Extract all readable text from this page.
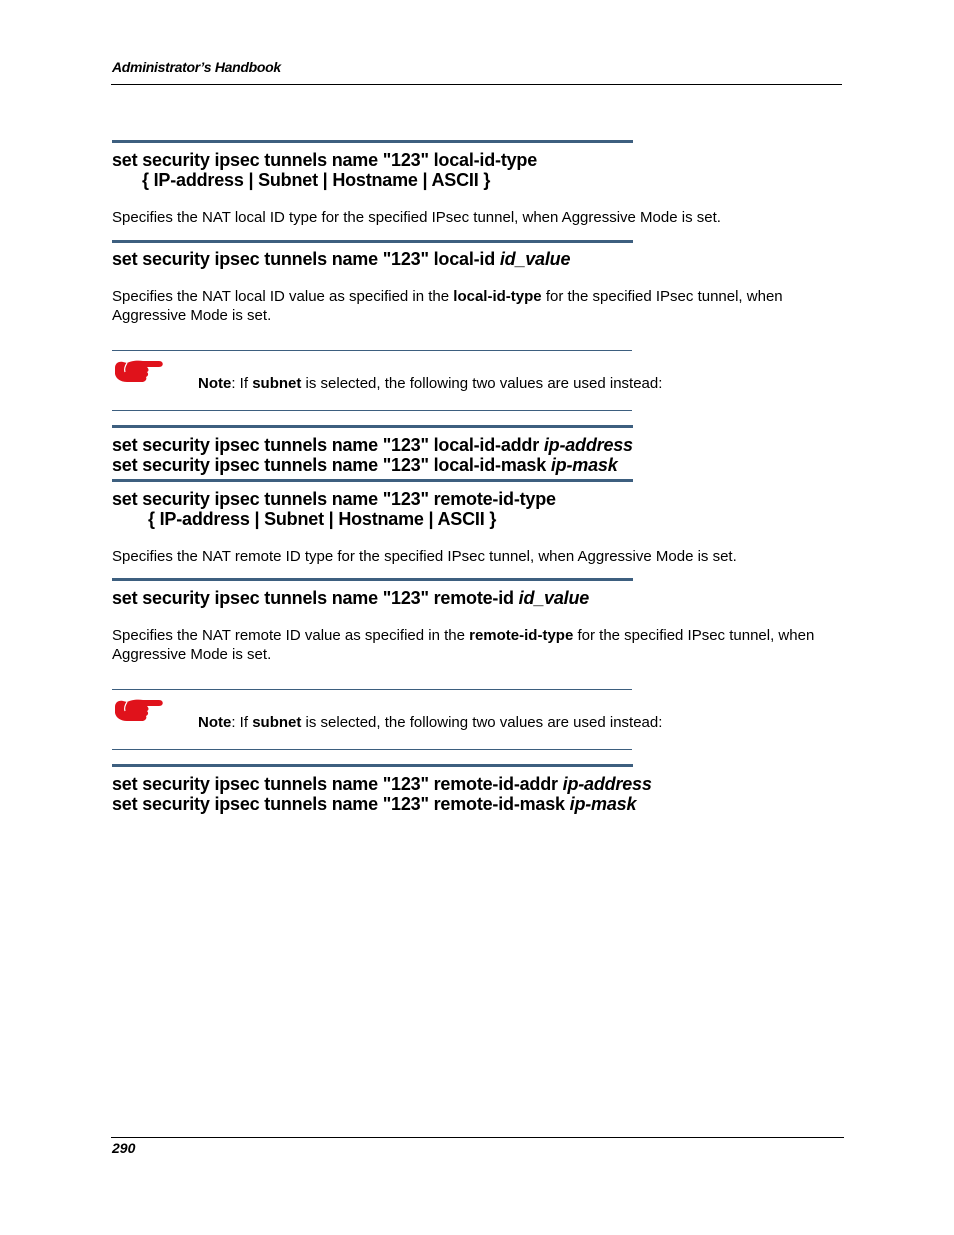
Administrator’s Handbook
set security ipsec tunnels name "123" local-id-type
{ IP-address | Subnet | Hostname | ASCII }
Specifies the NAT local ID type for the specified IPsec tunnel, when Aggressive Mode is set.
set security ipsec tunnels name "123" local-id id_value
Specifies the NAT local ID value as specified in the local-id-type for the specified IPsec tunnel, when Aggressive Mode is set.
Note: If subnet is selected, the following two values are used instead:
set security ipsec tunnels name "123" local-id-addr ip-address
set security ipsec tunnels name "123" local-id-mask ip-mask
set security ipsec tunnels name "123" remote-id-type
{ IP-address | Subnet | Hostname | ASCII }
Specifies the NAT remote ID type for the specified IPsec tunnel, when Aggressive Mode is set.
set security ipsec tunnels name "123" remote-id id_value
Specifies the NAT remote ID value as specified in the remote-id-type for the specified IPsec tunnel, when Aggressive Mode is set.
Note: If subnet is selected, the following two values are used instead:
set security ipsec tunnels name "123" remote-id-addr ip-address
set security ipsec tunnels name "123" remote-id-mask ip-mask
290
